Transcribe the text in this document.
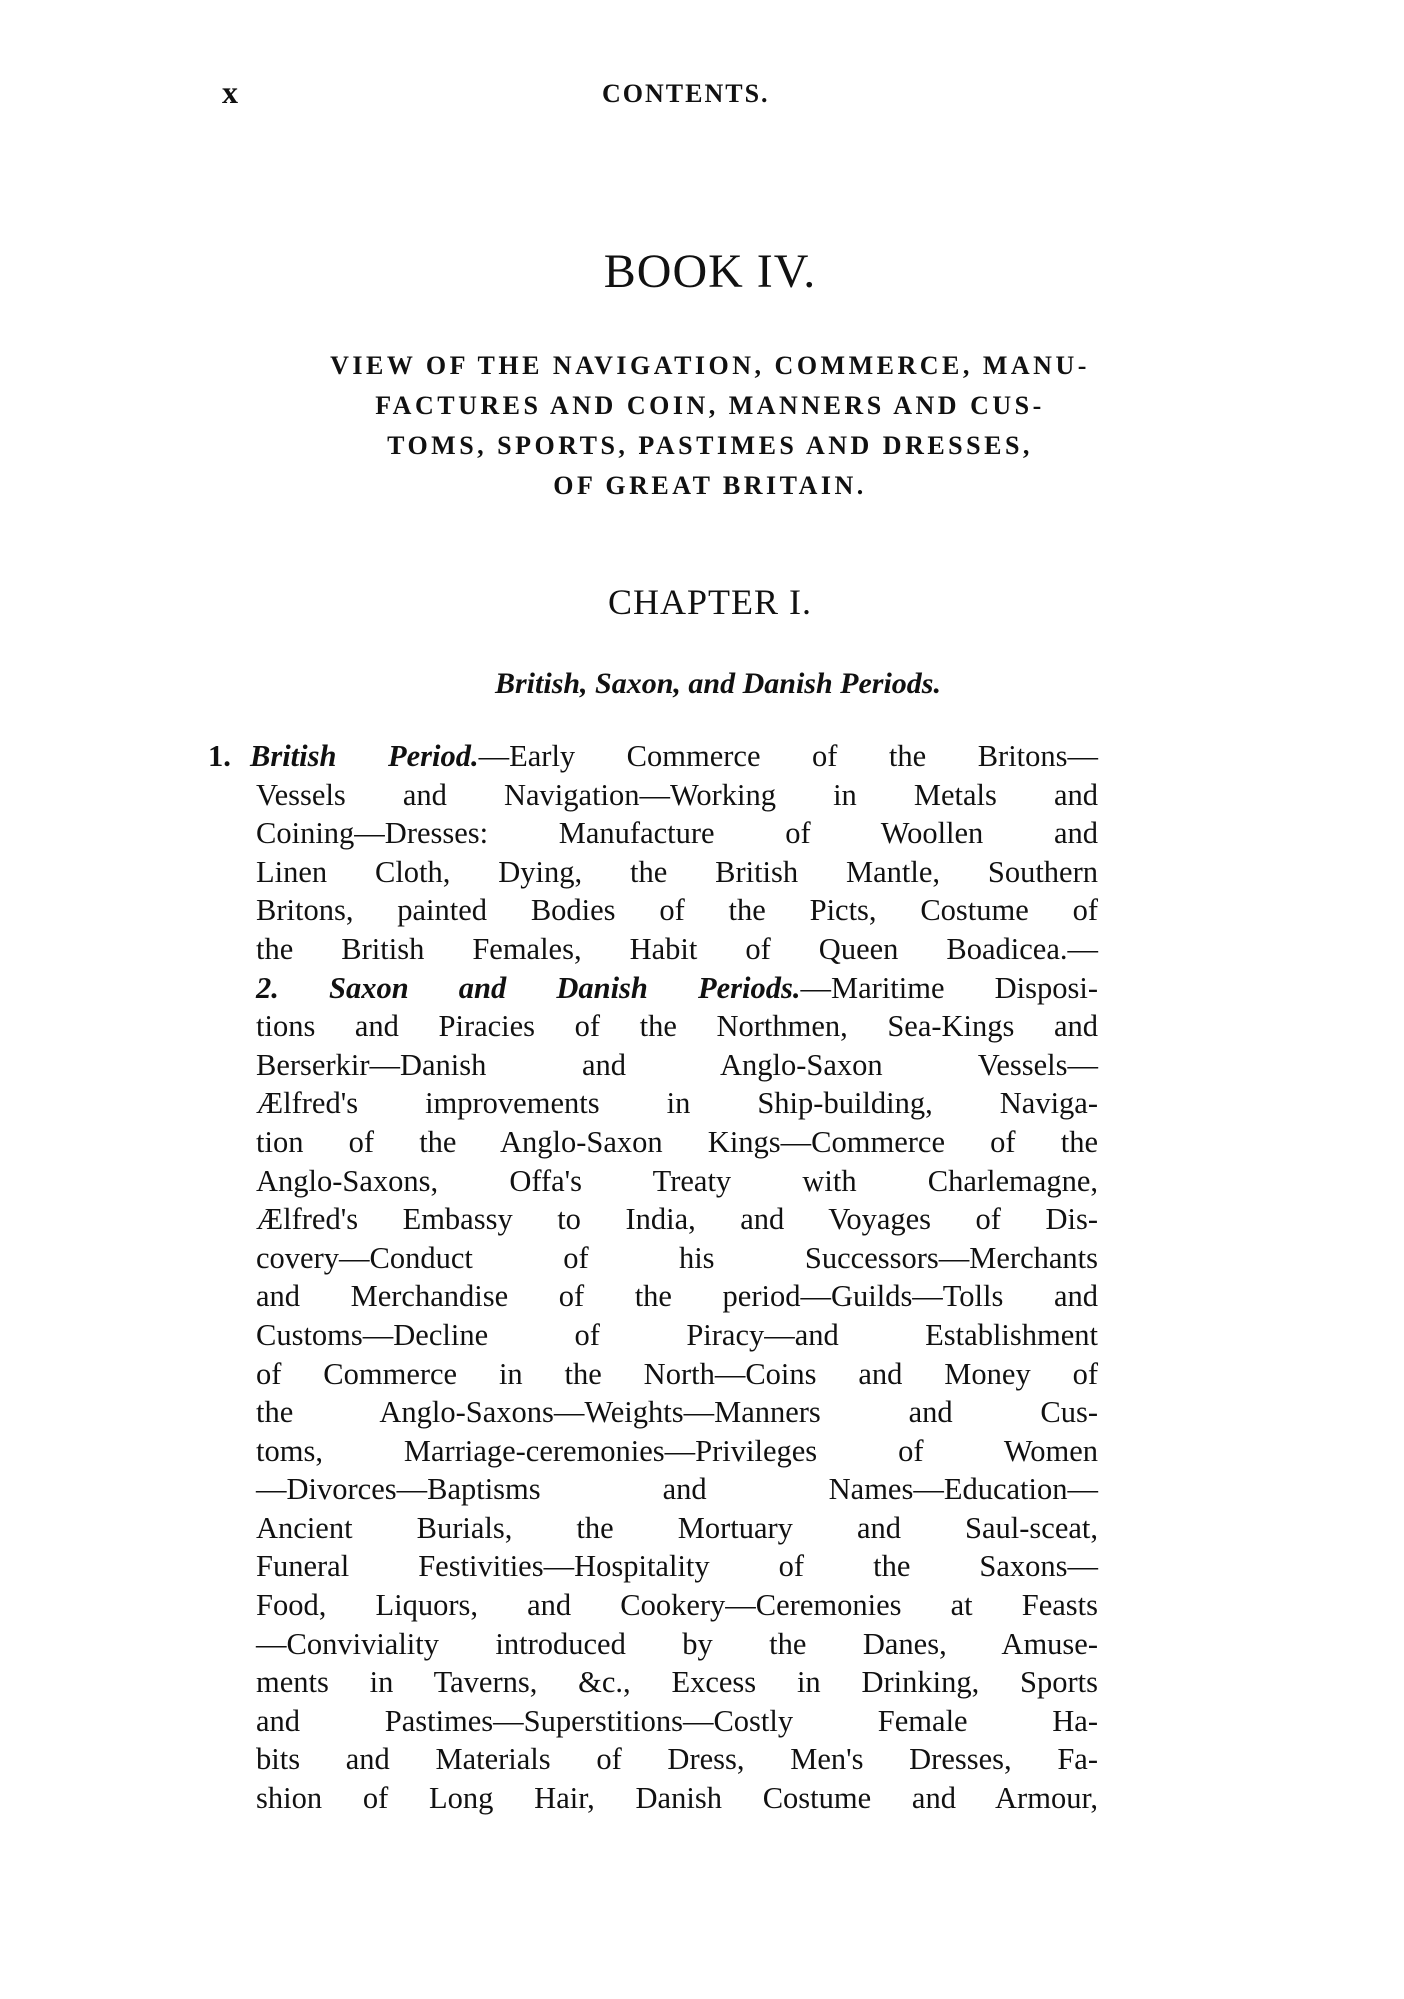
x	CONTENTS.
BOOK IV.

VIEW OF THE NAVIGATION, COMMERCE, MANU-
FACTURES AND COIN, MANNERS AND CUS-
TOMS, SPORTS, PASTIMES AND DRESSES,
OF GREAT BRITAIN.

CHAPTER I.
British, Saxon, and Danish Periods.
1. British Period.—Early Commerce of the Britons—
Vessels and Navigation—Working in Metals and
Coining—Dresses: Manufacture of Woollen and
Linen Cloth, Dying, the British Mantle, Southern
Britons, painted Bodies of the Picts, Costume of
the British Females, Habit of Queen Boadicea.—
2. Saxon and Danish Periods.—Maritime Disposi-
tions and Piracies of the Northmen, Sea-Kings and
Berserkir—Danish and Anglo-Saxon Vessels—
Ælfred's improvements in Ship-building, Naviga-
tion of the Anglo-Saxon Kings—Commerce of the
Anglo-Saxons, Offa's Treaty with Charlemagne,
Ælfred's Embassy to India, and Voyages of Dis-
covery—Conduct of his Successors—Merchants
and Merchandise of the period—Guilds—Tolls and
Customs—Decline of Piracy—and Establishment
of Commerce in the North—Coins and Money of
the Anglo-Saxons—Weights—Manners and Cus-
toms, Marriage-ceremonies—Privileges of Women
—Divorces—Baptisms and Names—Education—
Ancient Burials, the Mortuary and Saul-sceat,
Funeral Festivities—Hospitality of the Saxons—
Food, Liquors, and Cookery—Ceremonies at Feasts
—Conviviality introduced by the Danes, Amuse-
ments in Taverns, &c., Excess in Drinking, Sports
and Pastimes—Superstitions—Costly Female Ha-
bits and Materials of Dress, Men's Dresses, Fa-
shion of Long Hair, Danish Costume and Armour,
